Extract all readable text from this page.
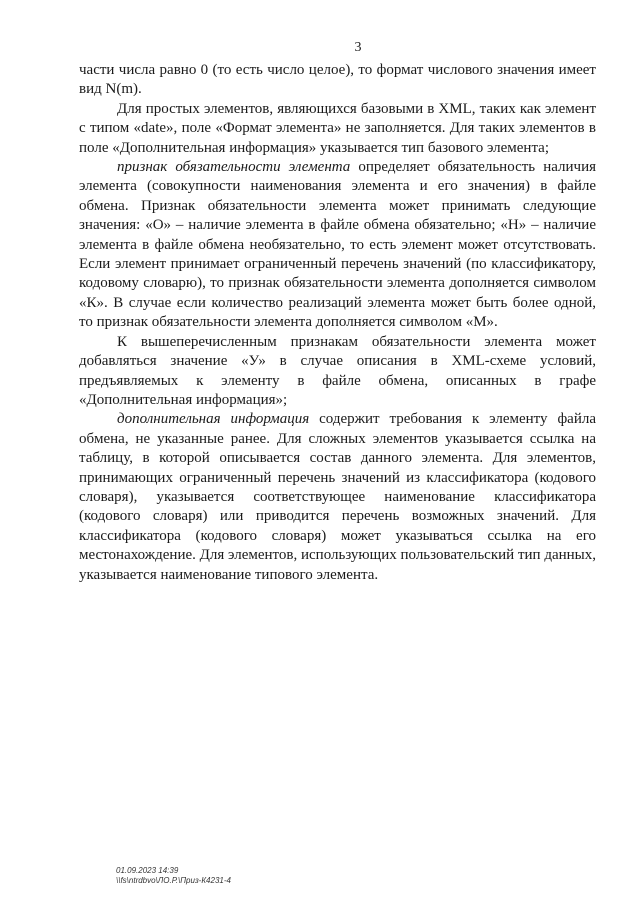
3

части числа равно 0 (то есть число целое), то формат числового значения имеет вид N(m).

Для простых элементов, являющихся базовыми в XML, таких как элемент с типом «date», поле «Формат элемента» не заполняется. Для таких элементов в поле «Дополнительная информация» указывается тип базового элемента;

признак обязательности элемента определяет обязательность наличия элемента (совокупности наименования элемента и его значения) в файле обмена. Признак обязательности элемента может принимать следующие значения: «О» – наличие элемента в файле обмена обязательно; «Н» – наличие элемента в файле обмена необязательно, то есть элемент может отсутствовать. Если элемент принимает ограниченный перечень значений (по классификатору, кодовому словарю), то признак обязательности элемента дополняется символом «К». В случае если количество реализаций элемента может быть более одной, то признак обязательности элемента дополняется символом «М».

К вышеперечисленным признакам обязательности элемента может добавляться значение «У» в случае описания в XML-схеме условий, предъявляемых к элементу в файле обмена, описанных в графе «Дополнительная информация»;

дополнительная информация содержит требования к элементу файла обмена, не указанные ранее. Для сложных элементов указывается ссылка на таблицу, в которой описывается состав данного элемента. Для элементов, принимающих ограниченный перечень значений из классификатора (кодового словаря), указывается соответствующее наименование классификатора (кодового словаря) или приводится перечень возможных значений. Для классификатора (кодового словаря) может указываться ссылка на его местонахождение. Для элементов, использующих пользовательский тип данных, указывается наименование типового элемента.

01.09.2023 14:39
\\fs\ntrdbvo\ЛО.Р.\Приз-К4231-4
